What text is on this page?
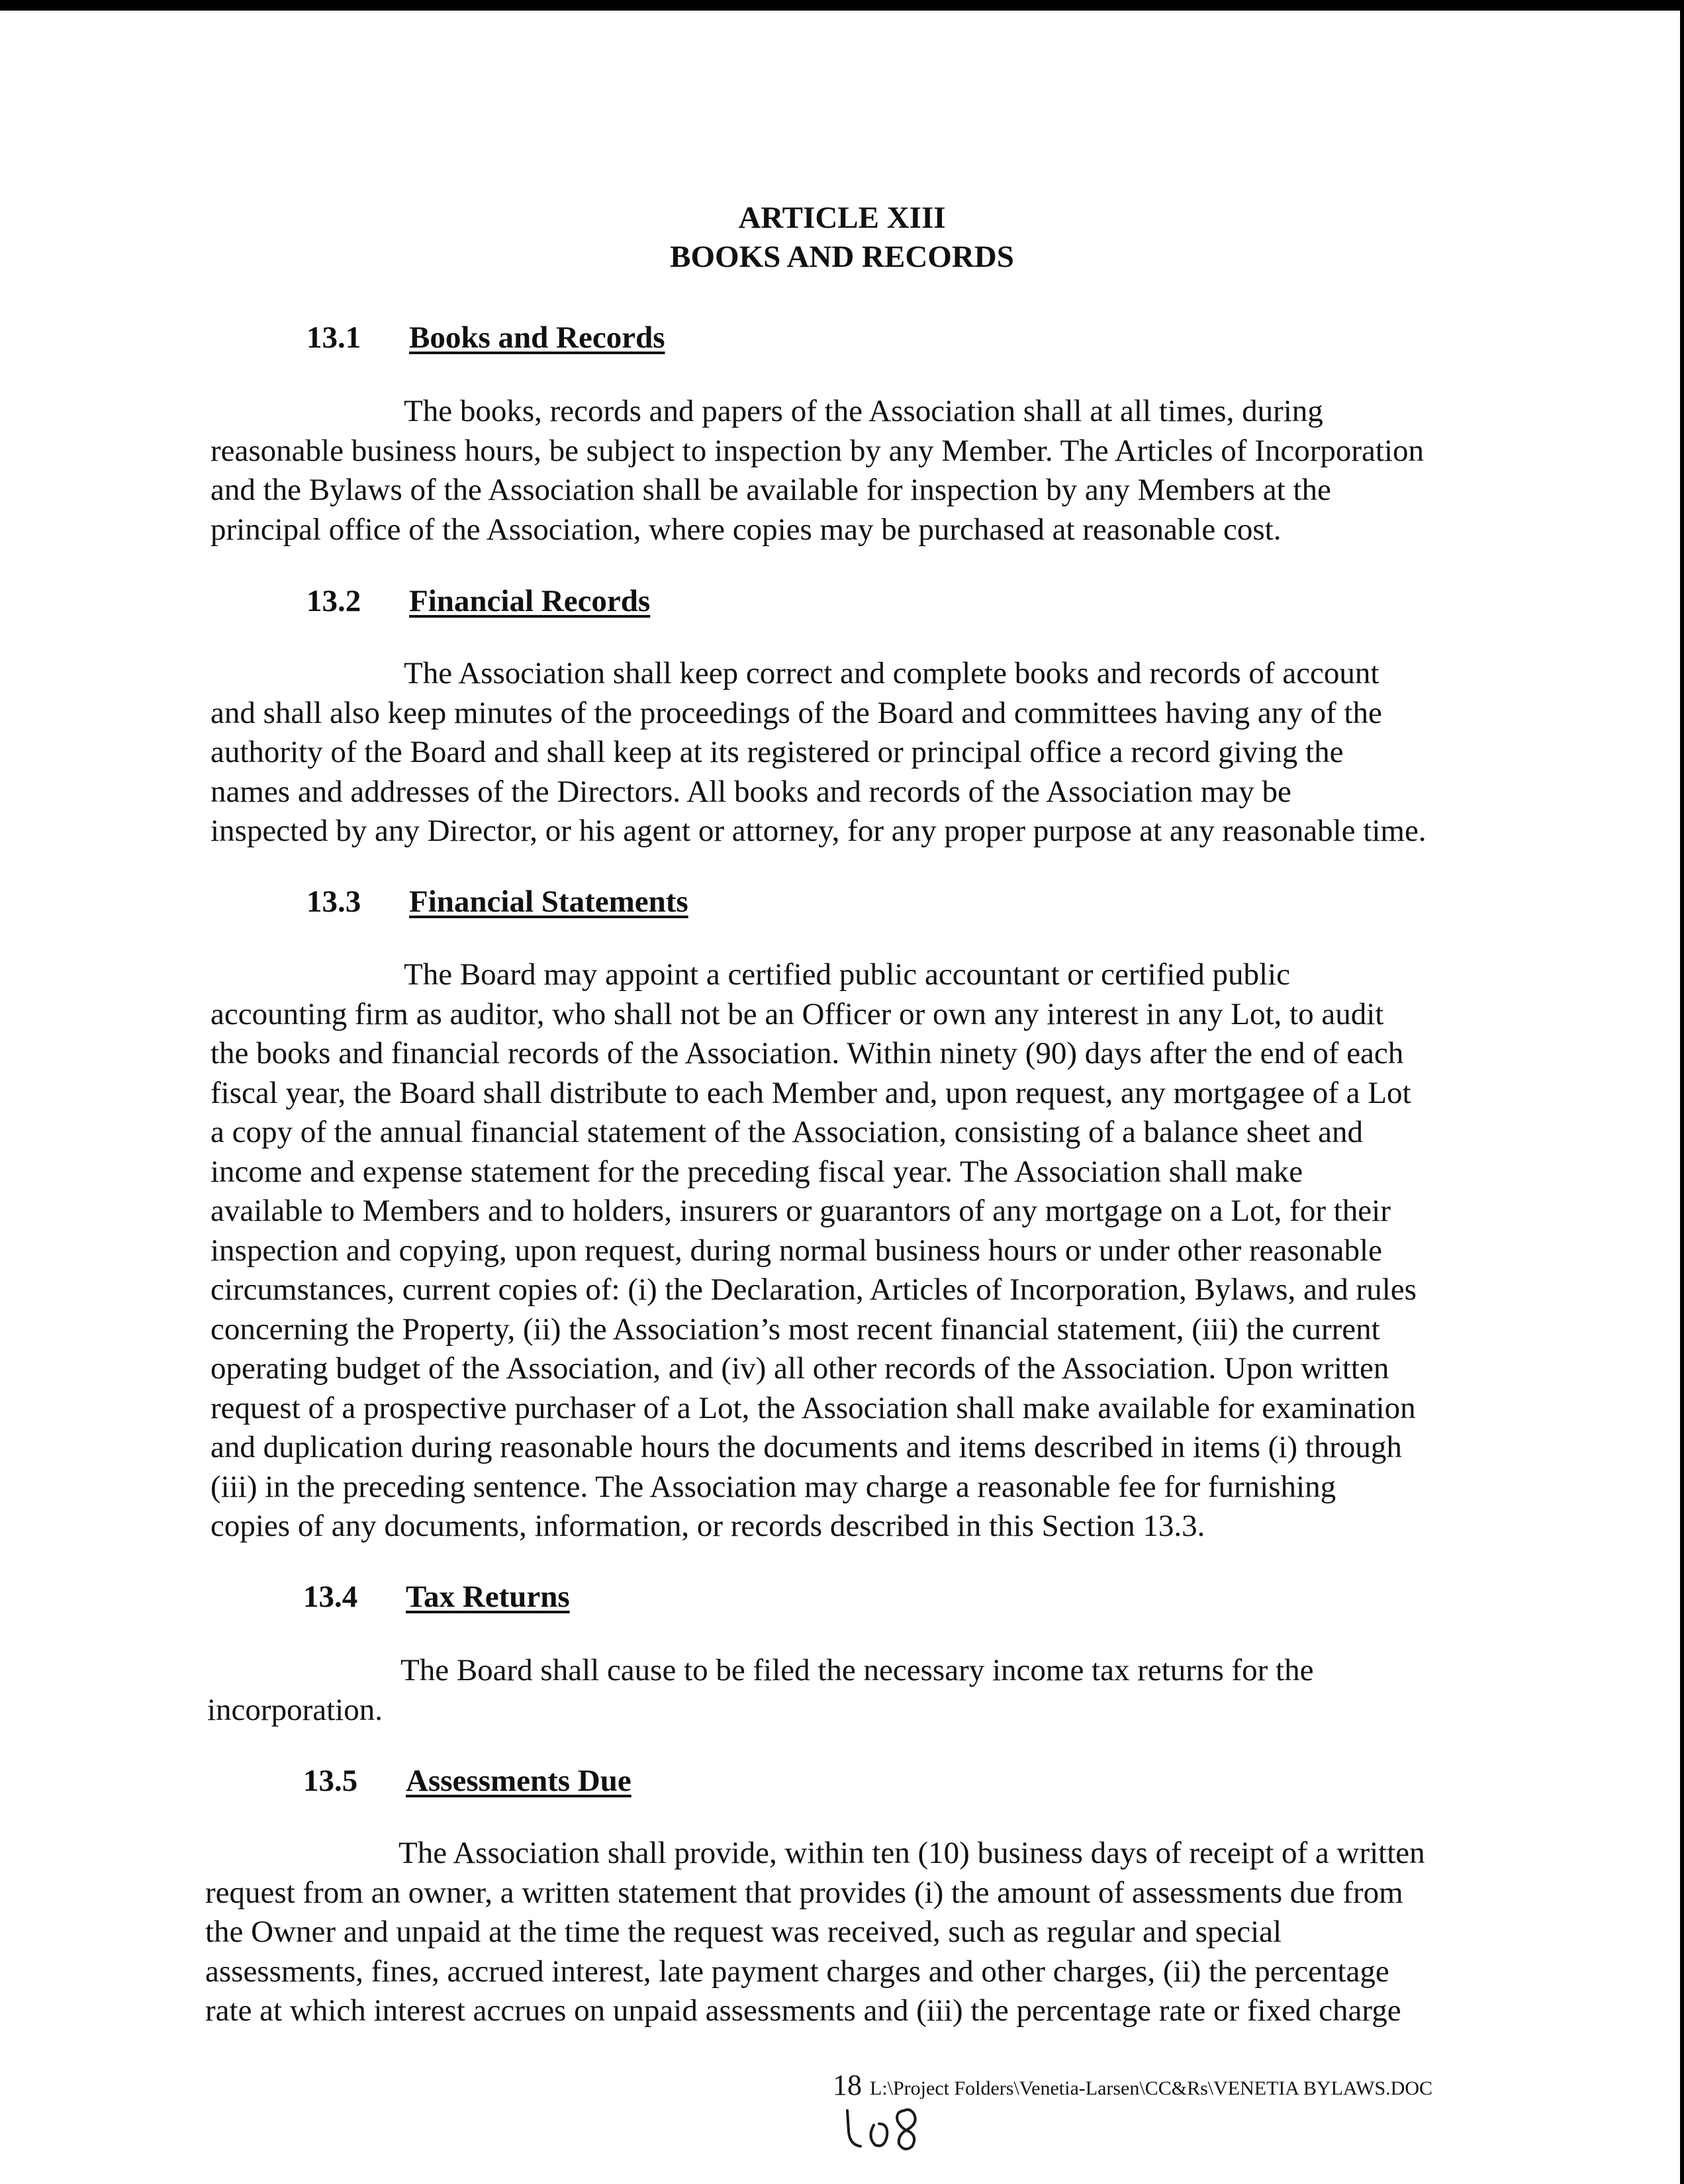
ARTICLE XIII
BOOKS AND RECORDS
13.1 Books and Records
The books, records and papers of the Association shall at all times, during
reasonable business hours, be subject to inspection by any Member. The Articles of Incorporation
and the Bylaws of the Association shall be available for inspection by any Members at the
principal office of the Association, where copies may be purchased at reasonable cost.
13.2 Financial Records
The Association shall keep correct and complete books and records of account
and shall also keep minutes of the proceedings of the Board and committees having any of the
authority of the Board and shall keep at its registered or principal office a record giving the
names and addresses of the Directors. All books and records of the Association may be
inspected by any Director, or his agent or attorney, for any proper purpose at any reasonable time.
13.3 Financial Statements
The Board may appoint a certified public accountant or certified public
accounting firm as auditor, who shall not be an Officer or own any interest in any Lot, to audit
the books and financial records of the Association. Within ninety (90) days after the end of each
fiscal year, the Board shall distribute to each Member and, upon request, any mortgagee of a Lot
a copy of the annual financial statement of the Association, consisting of a balance sheet and
income and expense statement for the preceding fiscal year. The Association shall make
available to Members and to holders, insurers or guarantors of any mortgage on a Lot, for their
inspection and copying, upon request, during normal business hours or under other reasonable
circumstances, current copies of: (i) the Declaration, Articles of Incorporation, Bylaws, and rules
concerning the Property, (ii) the Association’s most recent financial statement, (iii) the current
operating budget of the Association, and (iv) all other records of the Association. Upon written
request of a prospective purchaser of a Lot, the Association shall make available for examination
and duplication during reasonable hours the documents and items described in items (i) through
(iii) in the preceding sentence. The Association may charge a reasonable fee for furnishing
copies of any documents, information, or records described in this Section 13.3.
13.4 Tax Returns
The Board shall cause to be filed the necessary income tax returns for the
incorporation.
13.5 Assessments Due
The Association shall provide, within ten (10) business days of receipt of a written
request from an owner, a written statement that provides (i) the amount of assessments due from
the Owner and unpaid at the time the request was received, such as regular and special
assessments, fines, accrued interest, late payment charges and other charges, (ii) the percentage
rate at which interest accrues on unpaid assessments and (iii) the percentage rate or fixed charge
18 L:\Project Folders\Venetia-Larsen\CC&Rs\VENETIA BYLAWS.DOC
